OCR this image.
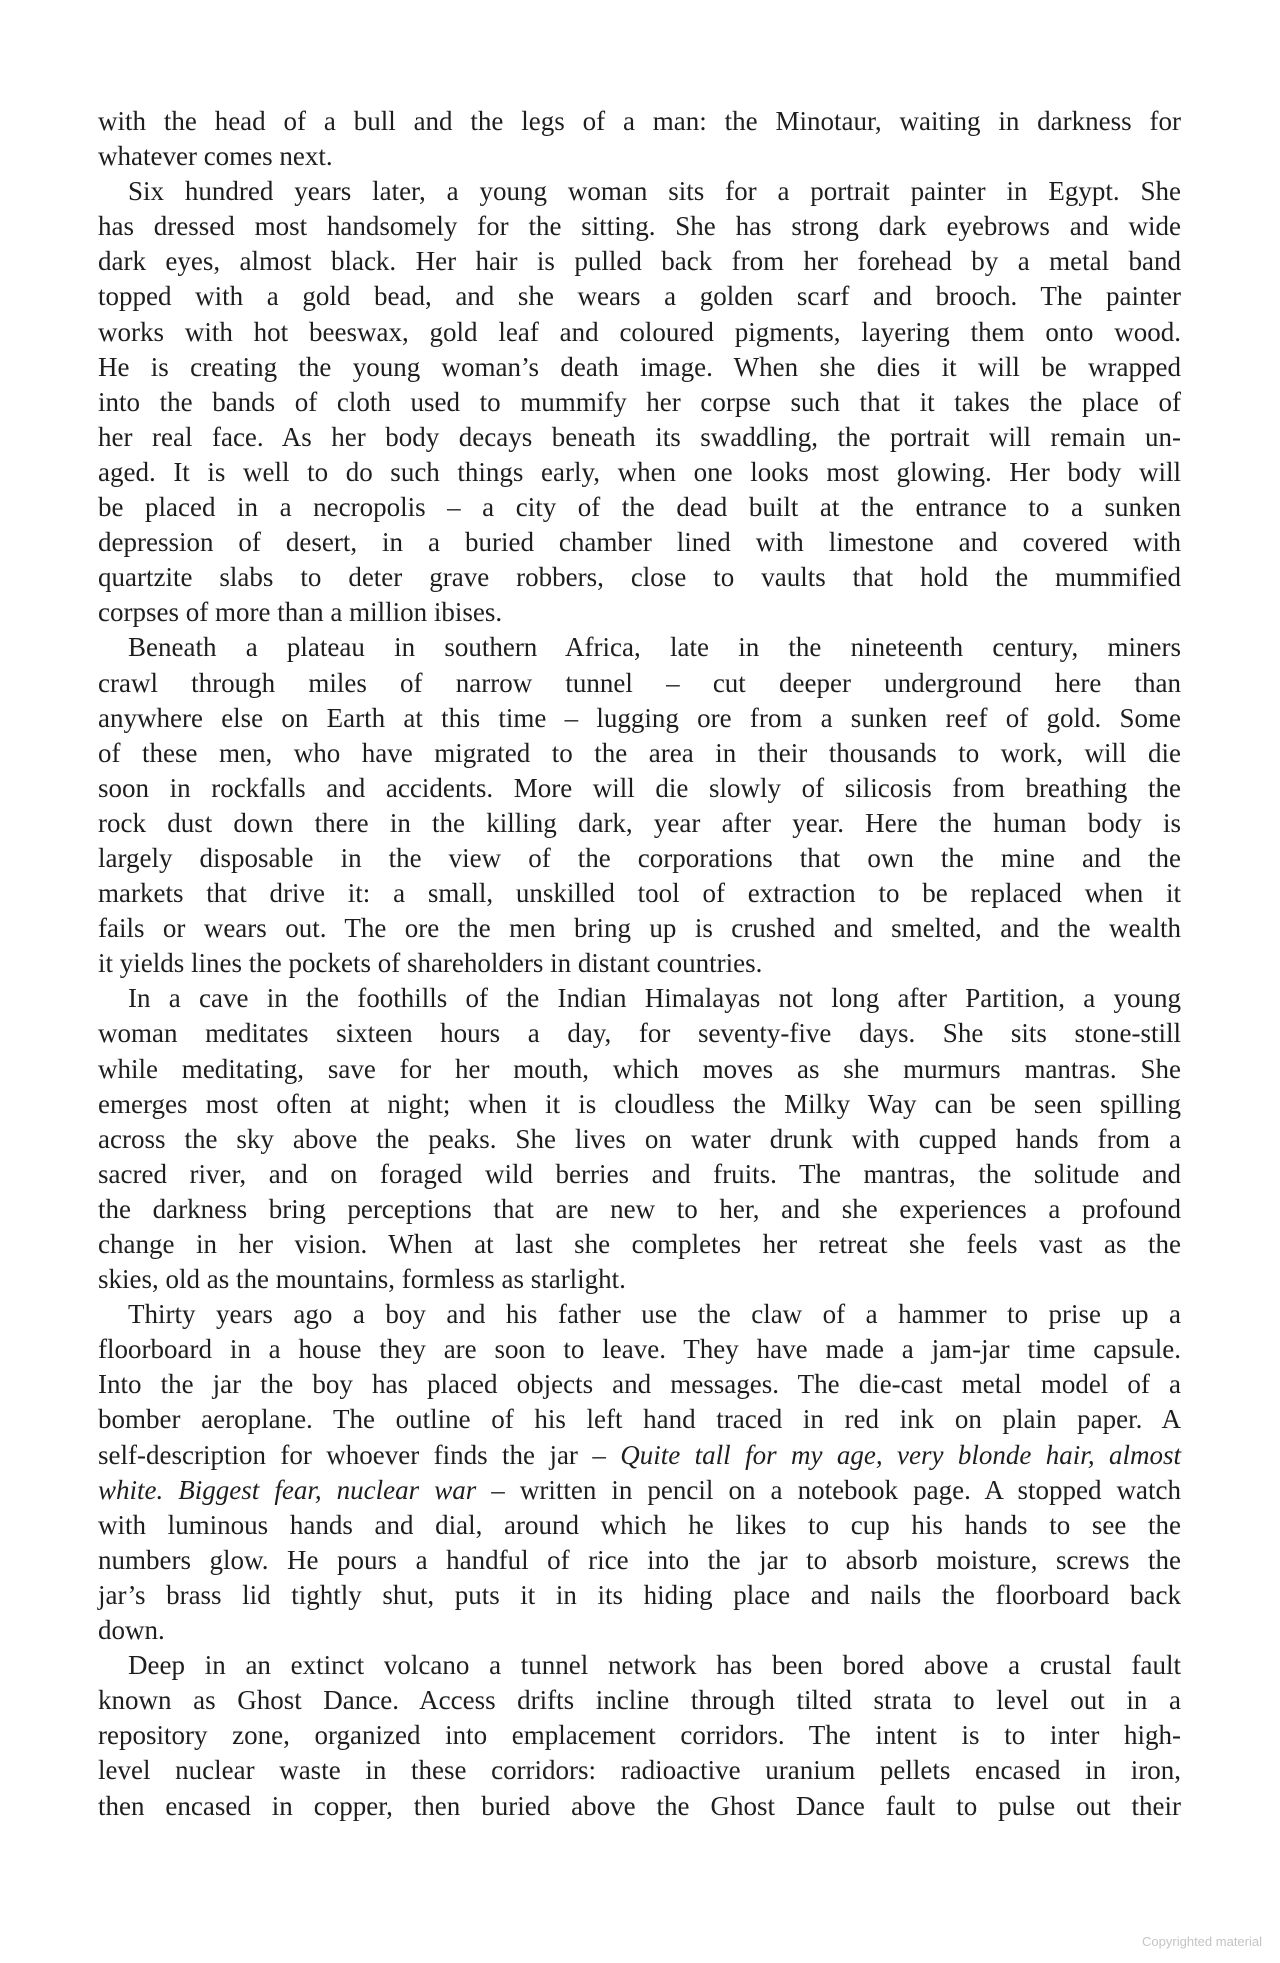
with the head of a bull and the legs of a man: the Minotaur, waiting in darkness for
whatever comes next.
Six hundred years later, a young woman sits for a portrait painter in Egypt. She
has dressed most handsomely for the sitting. She has strong dark eyebrows and wide
dark eyes, almost black. Her hair is pulled back from her forehead by a metal band
topped with a gold bead, and she wears a golden scarf and brooch. The painter
works with hot beeswax, gold leaf and coloured pigments, layering them onto wood.
He is creating the young woman’s death image. When she dies it will be wrapped
into the bands of cloth used to mummify her corpse such that it takes the place of
her real face. As her body decays beneath its swaddling, the portrait will remain un-
aged. It is well to do such things early, when one looks most glowing. Her body will
be placed in a necropolis – a city of the dead built at the entrance to a sunken
depression of desert, in a buried chamber lined with limestone and covered with
quartzite slabs to deter grave robbers, close to vaults that hold the mummified
corpses of more than a million ibises.
Beneath a plateau in southern Africa, late in the nineteenth century, miners
crawl through miles of narrow tunnel – cut deeper underground here than
anywhere else on Earth at this time – lugging ore from a sunken reef of gold. Some
of these men, who have migrated to the area in their thousands to work, will die
soon in rockfalls and accidents. More will die slowly of silicosis from breathing the
rock dust down there in the killing dark, year after year. Here the human body is
largely disposable in the view of the corporations that own the mine and the
markets that drive it: a small, unskilled tool of extraction to be replaced when it
fails or wears out. The ore the men bring up is crushed and smelted, and the wealth
it yields lines the pockets of shareholders in distant countries.
In a cave in the foothills of the Indian Himalayas not long after Partition, a young
woman meditates sixteen hours a day, for seventy-five days. She sits stone-still
while meditating, save for her mouth, which moves as she murmurs mantras. She
emerges most often at night; when it is cloudless the Milky Way can be seen spilling
across the sky above the peaks. She lives on water drunk with cupped hands from a
sacred river, and on foraged wild berries and fruits. The mantras, the solitude and
the darkness bring perceptions that are new to her, and she experiences a profound
change in her vision. When at last she completes her retreat she feels vast as the
skies, old as the mountains, formless as starlight.
Thirty years ago a boy and his father use the claw of a hammer to prise up a
floorboard in a house they are soon to leave. They have made a jam-jar time capsule.
Into the jar the boy has placed objects and messages. The die-cast metal model of a
bomber aeroplane. The outline of his left hand traced in red ink on plain paper. A
self-description for whoever finds the jar – Quite tall for my age, very blonde hair, almost
white. Biggest fear, nuclear war – written in pencil on a notebook page. A stopped watch
with luminous hands and dial, around which he likes to cup his hands to see the
numbers glow. He pours a handful of rice into the jar to absorb moisture, screws the
jar’s brass lid tightly shut, puts it in its hiding place and nails the floorboard back
down.
Deep in an extinct volcano a tunnel network has been bored above a crustal fault
known as Ghost Dance. Access drifts incline through tilted strata to level out in a
repository zone, organized into emplacement corridors. The intent is to inter high-
level nuclear waste in these corridors: radioactive uranium pellets encased in iron,
then encased in copper, then buried above the Ghost Dance fault to pulse out their
Copyrighted material
